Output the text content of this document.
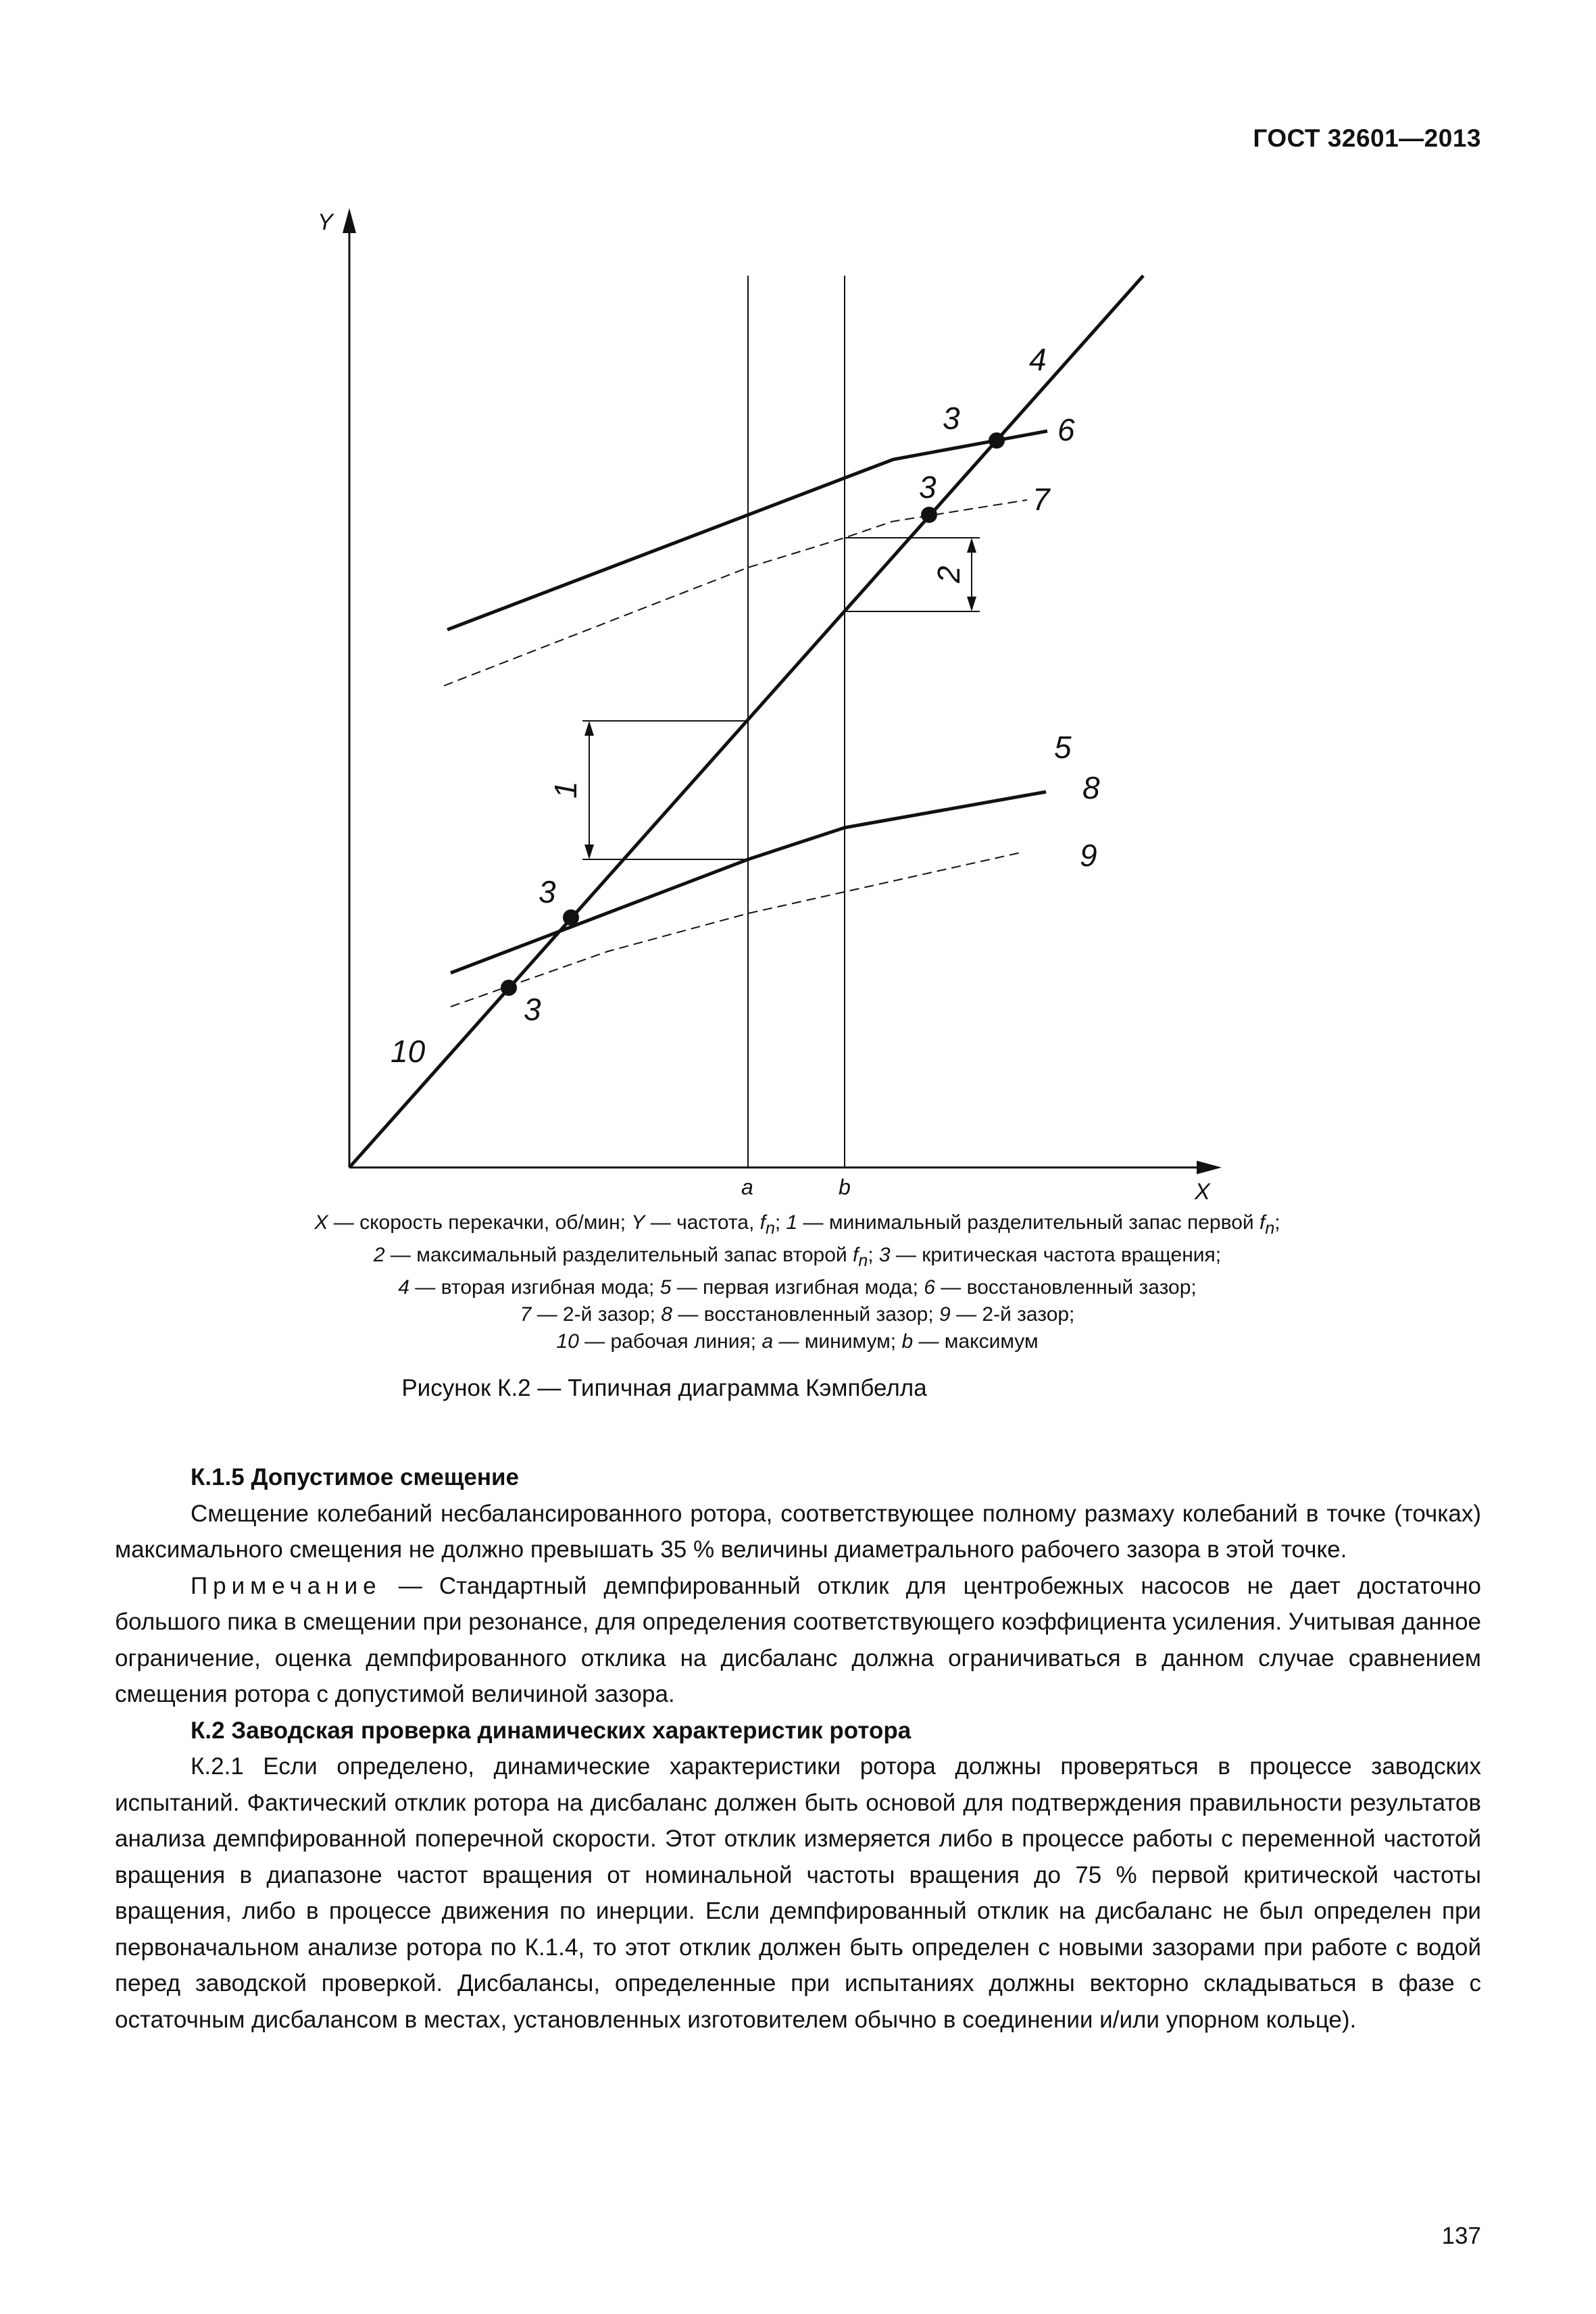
ГОСТ 32601—2013
Y
X
a	b
4
3	6
3	7
2
1
5
8
9
3
3
10
X — скорость перекачки, об/мин; Y — частота, $f_n$; 1 — минимальный разделительный запас первой $f_n$;
2 — максимальный разделительный запас второй $f_n$; 3 — критическая частота вращения;
4 — вторая изгибная мода; 5 — первая изгибная мода; 6 — восстановленный зазор;
7 — 2-й зазор; 8 — восстановленный зазор; 9 — 2-й зазор;
10 — рабочая линия; a — минимум; b — максимум
Рисунок К.2 — Типичная диаграмма Кэмпбелла

К.1.5 Допустимое смещение

Смещение колебаний несбалансированного ротора, соответствующее полному размаху колебаний в точке (точках) максимального смещения не должно превышать 35 % величины диаметрального рабочего зазора в этой точке.

Примечание — Стандартный демпфированный отклик для центробежных насосов не дает достаточно большого пика в смещении при резонансе, для определения соответствующего коэффициента усиления. Учитывая данное ограничение, оценка демпфированного отклика на дисбаланс должна ограничиваться в данном случае сравнением смещения ротора с допустимой величиной зазора.

К.2 Заводская проверка динамических характеристик ротора

К.2.1 Если определено, динамические характеристики ротора должны проверяться в процессе заводских испытаний. Фактический отклик ротора на дисбаланс должен быть основой для подтверждения правильности результатов анализа демпфированной поперечной скорости. Этот отклик измеряется либо в процессе работы с переменной частотой вращения в диапазоне частот вращения от номинальной частоты вращения до 75 % первой критической частоты вращения, либо в процессе движения по инерции. Если демпфированный отклик на дисбаланс не был определен при первоначальном анализе ротора по К.1.4, то этот отклик должен быть определен с новыми зазорами при работе с водой перед заводской проверкой. Дисбалансы, определенные при испытаниях должны векторно складываться в фазе с остаточным дисбалансом в местах, установленных изготовителем обычно в соединении и/или упорном кольце).

137
